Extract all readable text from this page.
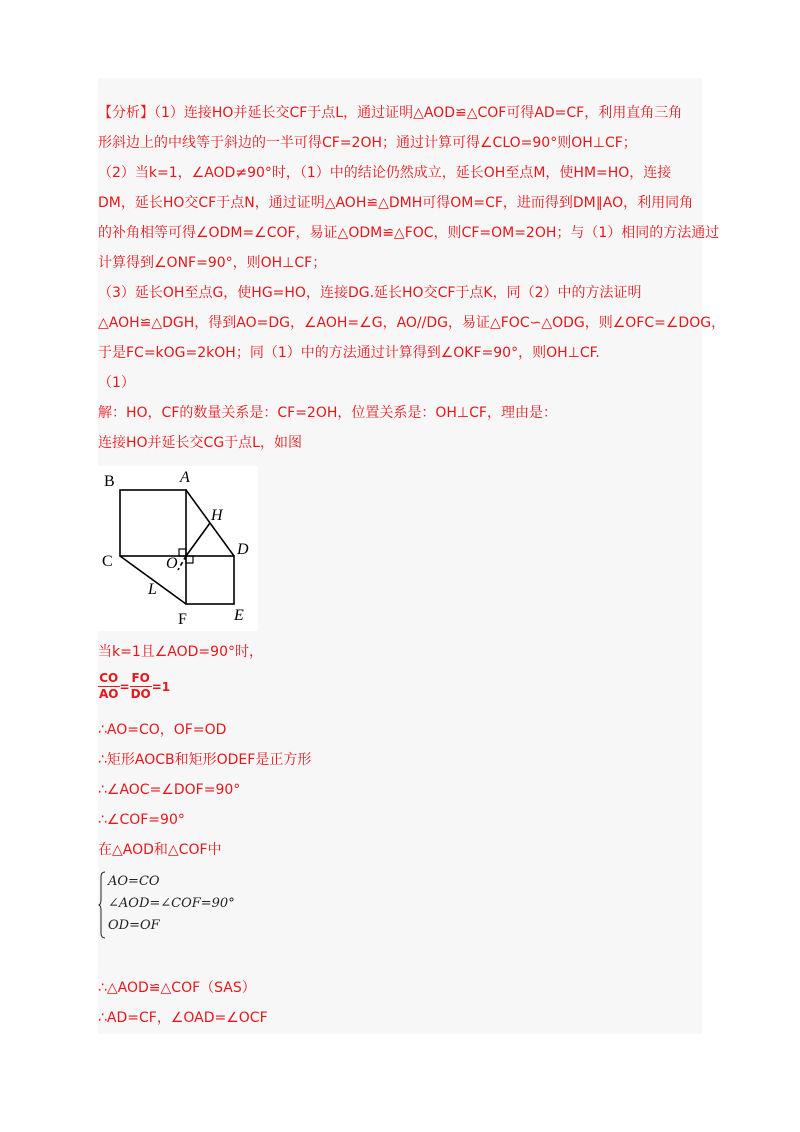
【分析】（1）连接HO并延长交CF于点L，通过证明△AOD≌△COF可得AD=CF，利用直角三角
形斜边上的中线等于斜边的一半可得CF=2OH；通过计算可得∠CLO=90°则OH⊥CF；
（2）当k=1，∠AOD≠90°时，（1）中的结论仍然成立，延长OH至点M，使HM=HO，连接
DM，延长HO交CF于点N，通过证明△AOH≌△DMH可得OM=CF，进而得到DM∥AO，利用同角
的补角相等可得∠ODM=∠COF，易证△ODM≌△FOC，则CF=OM=2OH；与（1）相同的方法通过
计算得到∠ONF=90°，则OH⊥CF；
（3）延长OH至点G，使HG=HO，连接DG.延长HO交CF于点K，同（2）中的方法证明
△AOH≌△DGH，得到AO=DG，∠AOH=∠G，AO//DG，易证△FOC∽△ODG，则∠OFC=∠DOG，
于是FC=kOG=2kOH；同（1）中的方法通过计算得到∠OKF=90°，则OH⊥CF.
（1）
解：HO，CF的数量关系是：CF=2OH，位置关系是：OH⊥CF，理由是：
连接HO并延长交CG于点L，如图
B	A
H
C	O
D
L
F	E
当k=1且∠AOD=90°时，
$\frac{CO}{AO} = \frac{FO}{DO} =1$
∴AO=CO，OF=OD
∴矩形AOCB和矩形ODEF是正方形
∴∠AOC=∠DOF=90°
∴∠COF=90°
在△AOD和△COF中
AO=CO
∠AOD=∠COF=90°
OD=OF
∴△AOD≌△COF（SAS）
∴AD=CF，∠OAD=∠OCF
